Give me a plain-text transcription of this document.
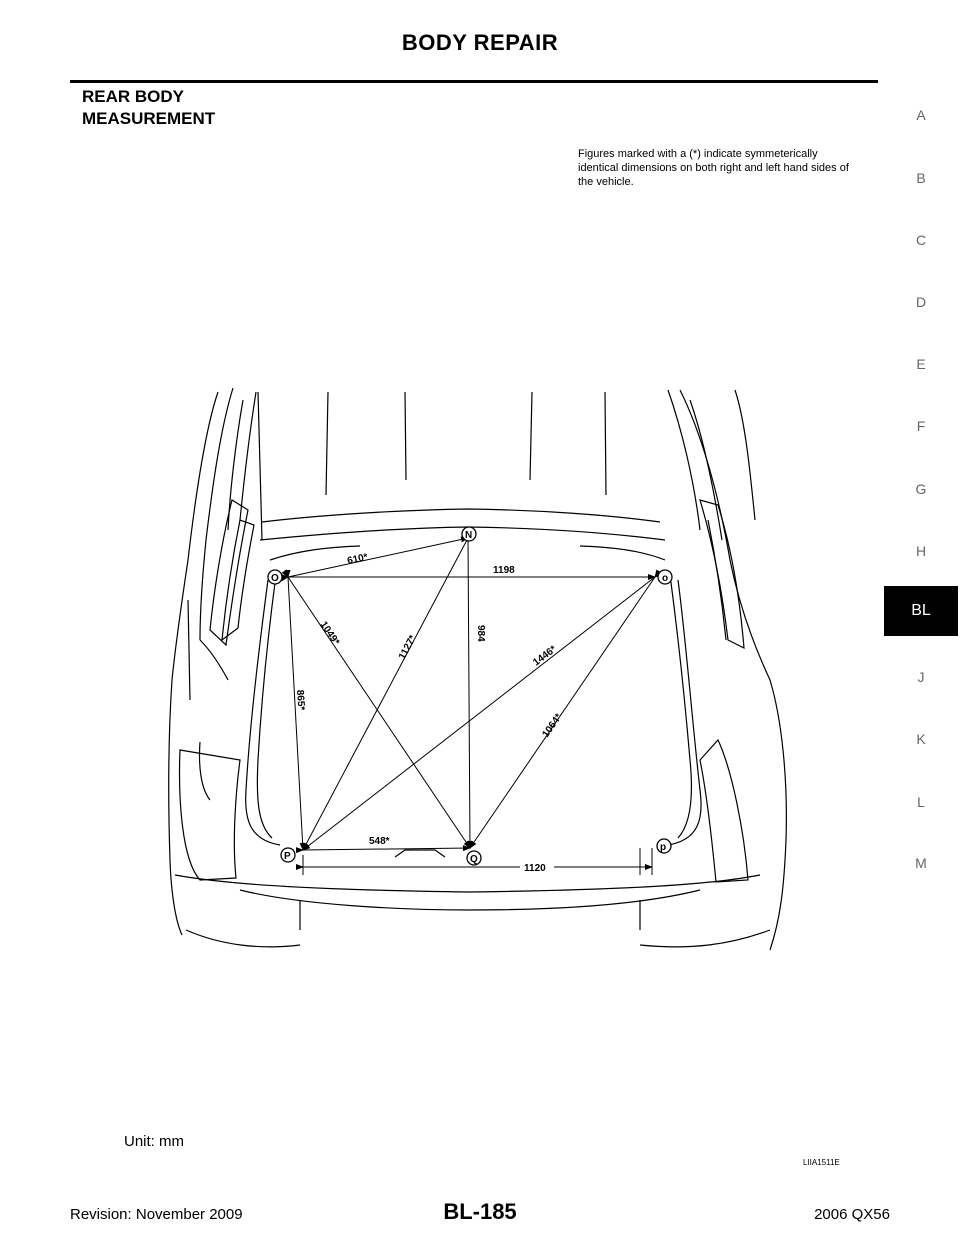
BODY REPAIR
REAR BODY
MEASUREMENT	A
B
C
D
E
F
G
H
BL
J
K
L
M
Figures marked with a (*) indicate symmeterically identical dimensions on both right and left hand sides of the vehicle.
610*
1198
1049*
1127*
984
1446*
1064*
865*
548*
1120
N
O	o
P	Q
p
Unit: mm
LIIA1511E
Revision: November 2009	BL-185	2006 QX56
